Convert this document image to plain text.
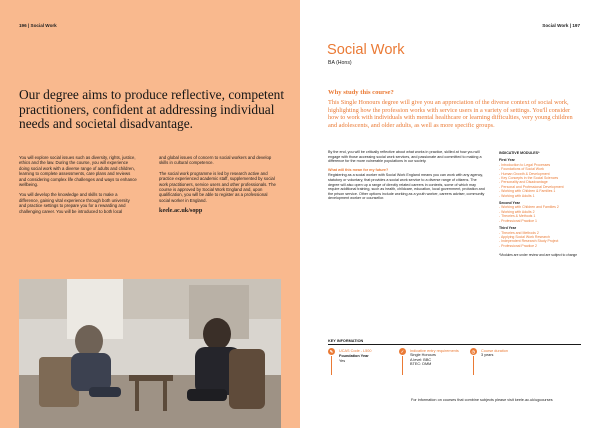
196 | Social Work
Our degree aims to produce reflective, competent practitioners, confident at addressing individual needs and societal disadvantage.

You will explore social issues such as diversity, rights, justice, ethics and the law. During the course, you will experience doing social work with a diverse range of adults and children, learning to complete assessments, care plans and reviews and considering complex life challenges and ways to enhance wellbeing.

You will develop the knowledge and skills to make a difference, gaining vital experience through both university and practice settings to prepare you for a rewarding and challenging career. You will be introduced to both local

and global issues of concern to social workers and develop skills in cultural competence.

The social work programme is led by research active and practice experienced academic staff, supplemented by social work practitioners, service users and other professionals. The course is approved by Social Work England and, upon qualification, you will be able to register as a professional social worker in England.

keele.ac.uk/sopp
Social Work | 197
Social Work
BA (Hons)
Why study this course?
This Single Honours degree will give you an appreciation of the diverse context of social work, highlighting how the profession works with service users in a variety of settings. You'll consider how to work with individuals with mental healthcare or learning difficulties, very young children and adolescents, and older adults, as well as more specific groups.

By the end, you will be critically reflective about what works in practice, skilled at how you will engage with those accessing social work services, and passionate and committed to making a difference for the more vulnerable populations in our society.

What will this mean for my future?

Registering as a social worker with Social Work England means you can work with any agency, statutory or voluntary, that provides a social work service to a diverse range of citizens. The degree will also open up a range of directly related careers in contexts, some of which may require additional training, such as health, childcare, education, local government, probation and the prison service. Other options include working as a youth worker, careers adviser, community development worker or counsellor.

INDICATIVE MODULES*
First Year
- Introduction to Legal Processes
- Foundations of Social Work
- Human Growth & Development
- Key Concepts in the Social Sciences
- Personality and Disadvantage
- Personal and Professional Development
- Working with Children & Families 1
- Working with Adults 1
Second Year
- Working with Children and Families 2
- Working with Adults 2
- Theories & Methods 1
- Professional Practice 1
Third Year
- Theories and Methods 2
- Applying Social Work Research
- Independent Research Study Project
- Professional Practice 2
*Modules are under review and are subject to change
KEY INFORMATION
✎	UCAS Code - L500
Foundation Year
Yes
✓	Indicative entry requirements
Single Honours
A level: BBC
BTEC: DMM
◷	Course duration
3 years
For information on courses that combine subjects please visit keele.ac.uk/ugcourses
